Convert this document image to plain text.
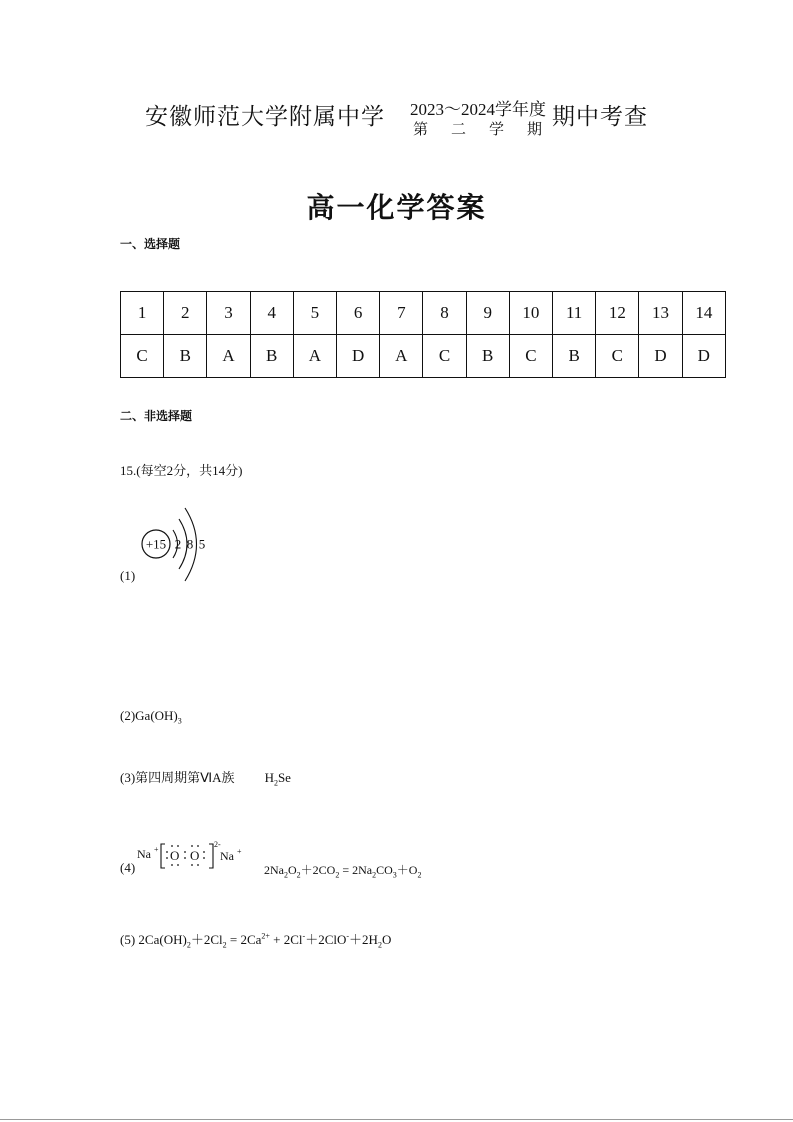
安徽师范大学附属中学 2023～2024学年度
第 二 学 期 期中考查
高一化学答案
一、选择题
1	2	3	4	5	6	7	8	9	10	11	12	13	14
C	B	A	B	A	D	A	C	B	C	B	C	D	D
二、非选择题
15.(每空2分，共14分)
(1)
+15 2 8 5
$(2)Ga(OH)_3$
(3)第四周期第ⅥA族 $H_2Se$
(4)
Na + O O
2-
Na +
$2Na_2O_2+2CO_2 = 2Na_2CO_3+O_2$
(5) $2Ca(OH)_2+2Cl_2 = 2Ca^{2+} + 2Cl^-+2ClO^-+2H_2O$
